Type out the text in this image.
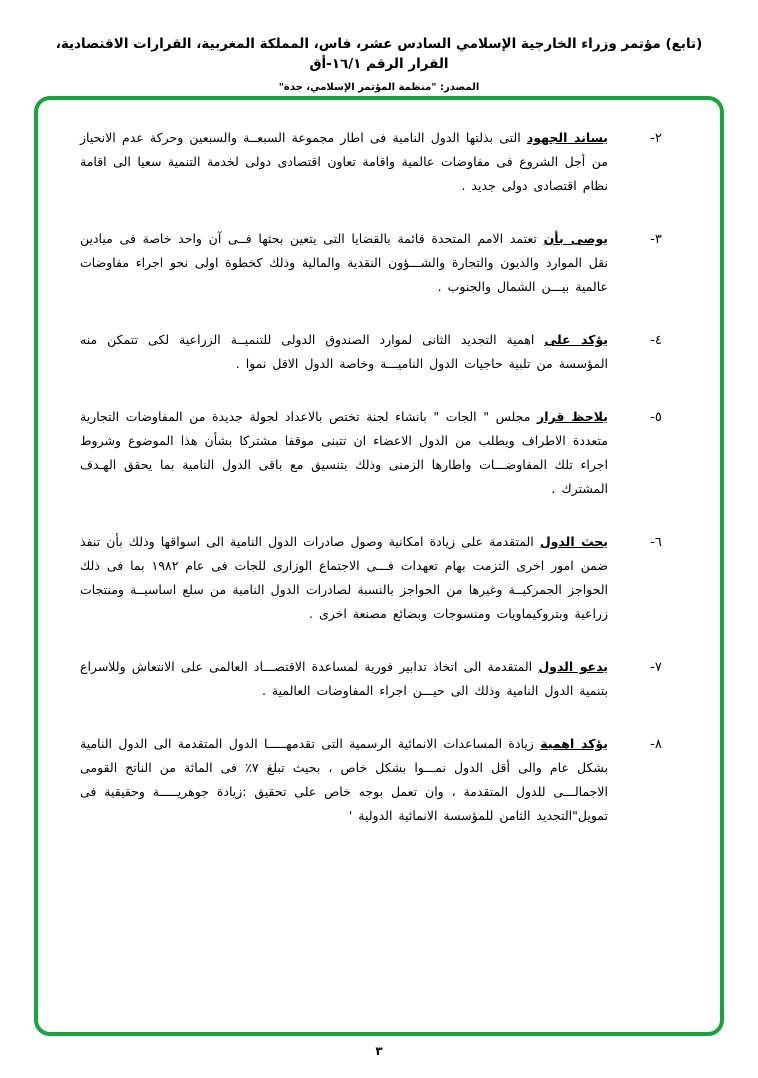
(تابع) مؤتمر وزراء الخارجية الإسلامي السادس عشر، فاس، المملكة المغربية، القرارات الاقتصادية، القرار الرقم ١٦/١-أق
المصدر: "منظمة المؤتمر الإسلامي، جدة"
٢-

يساند الجهود التى بذلتها الدول النامية فى اطار مجموعة السبعــة والسبعين وحركة عدم الانحياز من أجل الشروع فى مفاوضات عالمية واقامة تعاون اقتصادى دولى لخدمة التنمية سعيا الى اقامة نظام اقتصادى دولى جديد .

٣-

يوصى بأن تعتمد الامم المتحدة قائمة بالقضايا التى يتعين بحثها فــى آن واحد خاصة فى ميادين نقل الموارد والديون والتجارة والشـــؤون النقدية والمالية وذلك كخطوة اولى نحو اجراء مفاوضات عالمية بيـــن الشمال والجنوب .

٤-

يؤكد على اهمية التجديد الثانى لموارد الصندوق الدولى للتنميــة الزراعية لكى تتمكن منه المؤسسة من تلبية حاجيات الدول الناميـــة وخاصة الدول الاقل نموا .

٥-

يلاحظ قرار مجلس " الجات " بانشاء لجنة تختص بالاعداد لجولة جديدة من المفاوضات التجارية متعددة الاطراف ويطلب من الدول الاعضاء ان تتبنى موقفا مشتركا بشأن هذا الموضوع وشروط اجراء تلك المفاوضـــات واطارها الزمنى وذلك بتنسيق مع باقى الدول النامية بما يحقق الهـدف المشترك .

٦-

يحث الدول المتقدمة على زيادة امكانية وصول صادرات الدول النامية الى اسواقها وذلك بأن تنفذ ضمن امور اخرى التزمت بهام تعهدات فـــى الاجتماع الوزارى للجات فى عام ١٩٨٢ بما فى ذلك الحواجز الجمركيــة وغيرها من الحواجز بالنسبة لصادرات الدول النامية من سلع اساسيــة ومنتجات زراعية وبتروكيماويات ومنسوجات وبضائع مصنعة اخرى .

٧-

يدعو الدول المتقدمة الى اتخاذ تدابير فورية لمساعدة الاقتصـــاد العالمى على الانتعاش وللاسراع بتنمية الدول النامية وذلك الى حيـــن اجراء المفاوضات العالمية .

٨-

يؤكد اهمية زيادة المساعدات الانمائية الرسمية التى تقدمهـــــا الدول المتقدمة الى الدول النامية بشكل عام والى أقل الدول نمـــوا بشكل خاص ، بحيث تبلغ ٧٪ فى المائة من الناتج القومى الاجمالـــى للدول المتقدمة ، وان تعمل بوجه خاص على تحقيق :زيادة جوهريـــــة وحقيقية فى تمويل"التجديد الثامن للمؤسسة الانمائية الدولية '

٣
